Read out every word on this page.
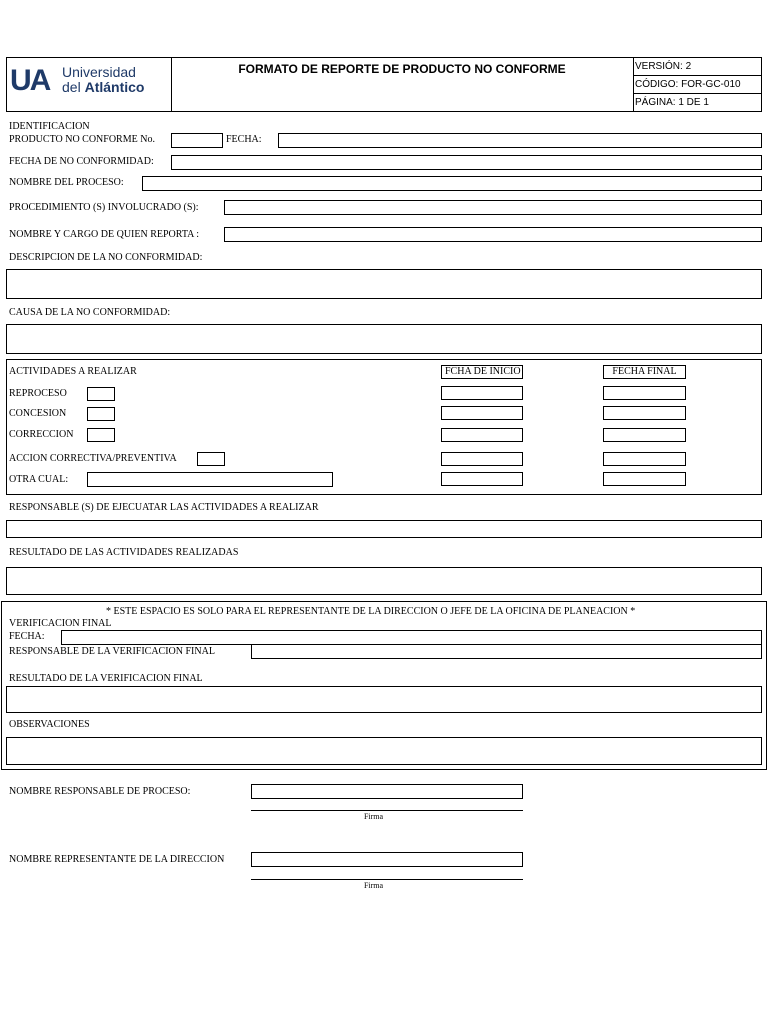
UA Universidad
del Atlántico
FORMATO DE REPORTE DE PRODUCTO NO CONFORME	VERSIÓN: 2
CÓDIGO: FOR-GC-010
PÁGINA: 1 DE 1
IDENTIFICACION
PRODUCTO NO CONFORME No.	FECHA:
FECHA DE NO CONFORMIDAD:
NOMBRE DEL PROCESO:
PROCEDIMIENTO (S) INVOLUCRADO (S):
NOMBRE Y CARGO DE QUIEN REPORTA :
DESCRIPCION DE LA NO CONFORMIDAD:
CAUSA DE LA NO CONFORMIDAD:
ACTIVIDADES A REALIZAR	FCHA DE INICIO	FECHA FINAL
REPROCESO
CONCESION
CORRECCION
ACCION CORRECTIVA/PREVENTIVA
OTRA CUAL:
RESPONSABLE (S) DE EJECUATAR LAS ACTIVIDADES A REALIZAR
RESULTADO DE LAS ACTIVIDADES REALIZADAS
* ESTE ESPACIO ES SOLO PARA EL REPRESENTANTE DE LA DIRECCION O JEFE DE LA OFICINA DE PLANEACION *
VERIFICACION FINAL
FECHA:
RESPONSABLE DE LA VERIFICACION FINAL
RESULTADO DE LA VERIFICACION FINAL
OBSERVACIONES
NOMBRE RESPONSABLE DE PROCESO:
Firma
NOMBRE REPRESENTANTE DE LA DIRECCION
Firma
